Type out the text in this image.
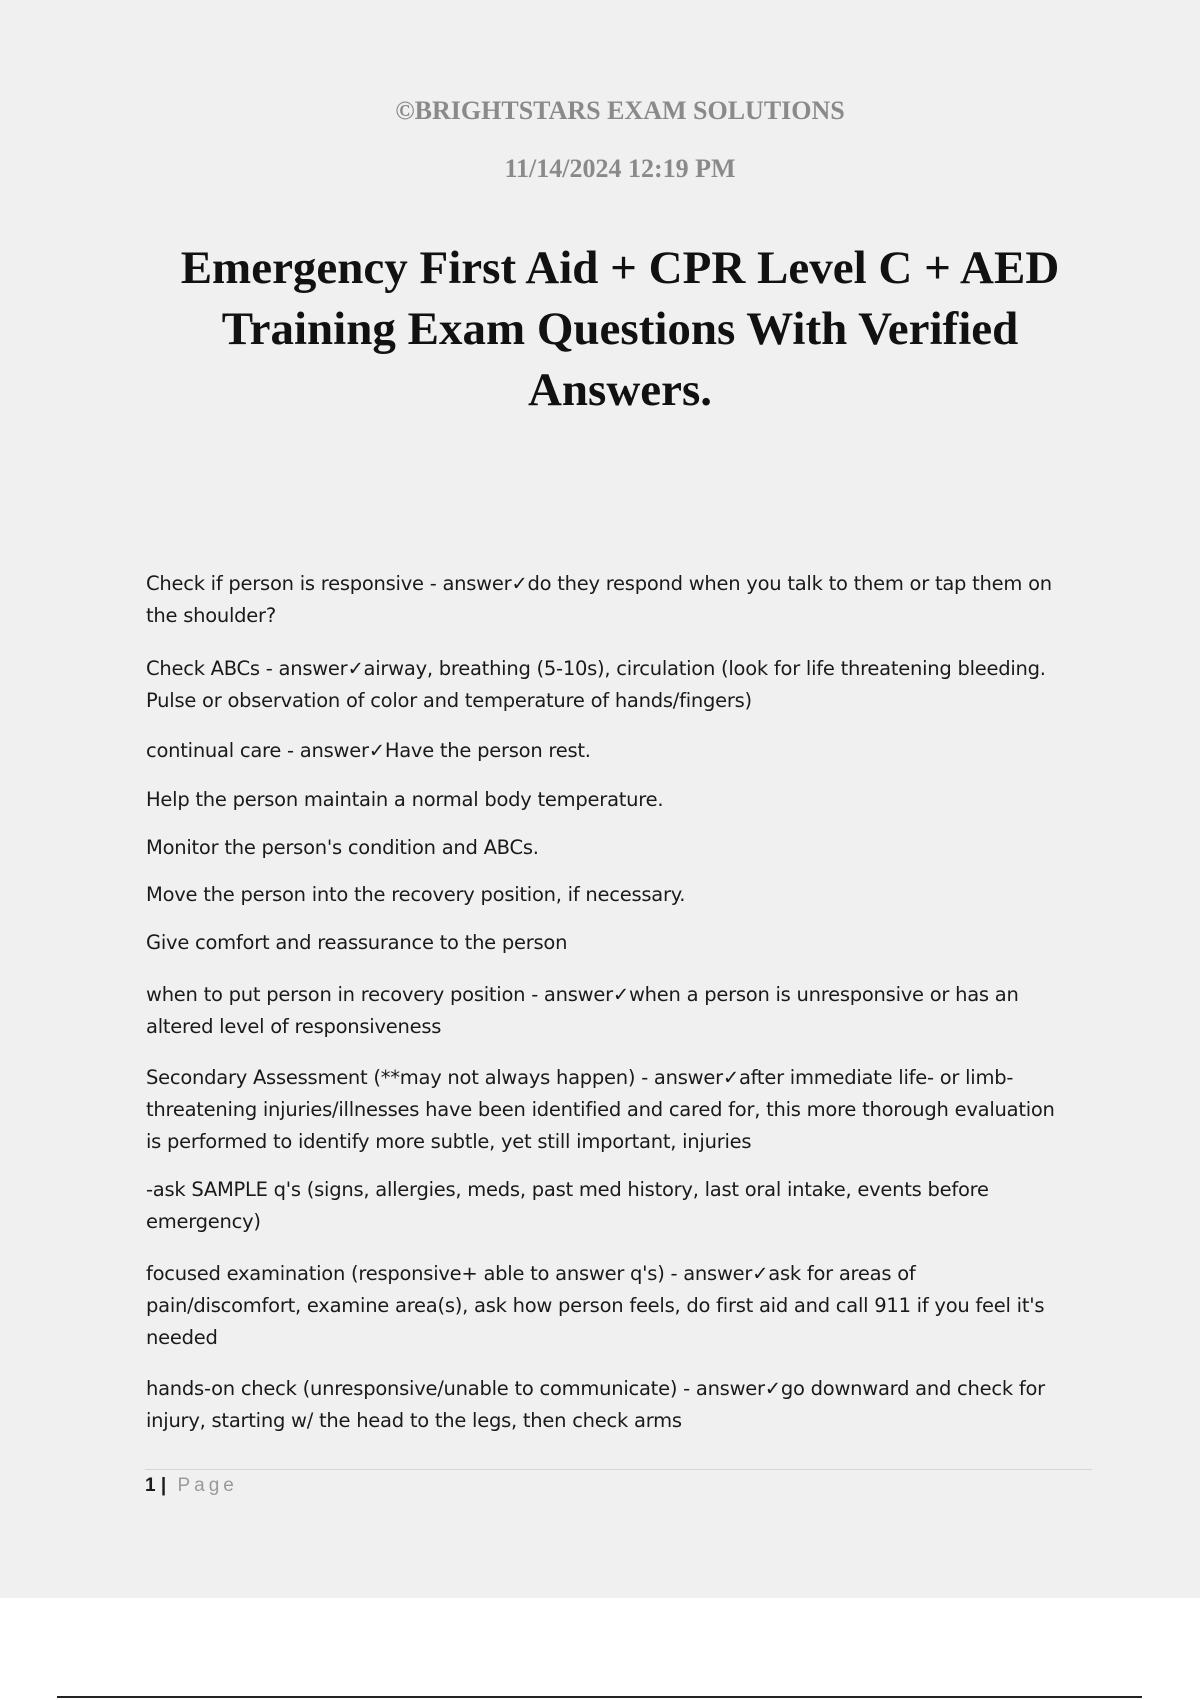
©BRIGHTSTARS EXAM SOLUTIONS
11/14/2024 12:19 PM
Emergency First Aid + CPR Level C + AED
Training Exam Questions With Verified
Answers.

Check if person is responsive - answer✓do they respond when you talk to them or tap them on
the shoulder?

Check ABCs - answer✓airway, breathing (5-10s), circulation (look for life threatening bleeding.
Pulse or observation of color and temperature of hands/fingers)

continual care - answer✓Have the person rest.

Help the person maintain a normal body temperature.

Monitor the person's condition and ABCs.

Move the person into the recovery position, if necessary.

Give comfort and reassurance to the person

when to put person in recovery position - answer✓when a person is unresponsive or has an
altered level of responsiveness

Secondary Assessment (**may not always happen) - answer✓after immediate life- or limb-
threatening injuries/illnesses have been identified and cared for, this more thorough evaluation
is performed to identify more subtle, yet still important, injuries

-ask SAMPLE q's (signs, allergies, meds, past med history, last oral intake, events before
emergency)

focused examination (responsive+ able to answer q's) - answer✓ask for areas of
pain/discomfort, examine area(s), ask how person feels, do first aid and call 911 if you feel it's
needed

hands-on check (unresponsive/unable to communicate) - answer✓go downward and check for
injury, starting w/ the head to the legs, then check arms

1 | Page
